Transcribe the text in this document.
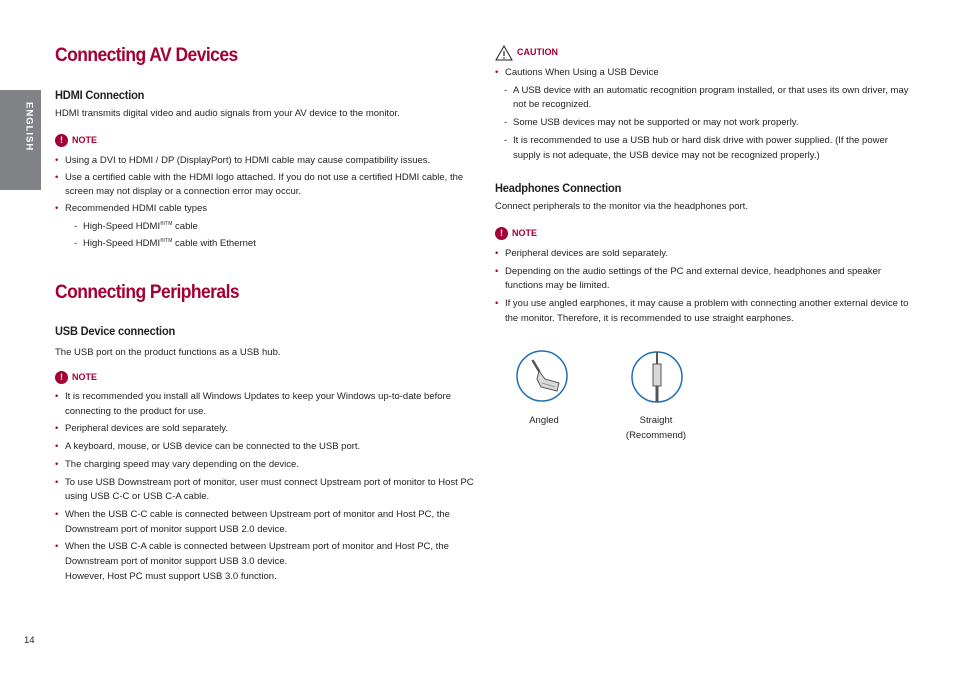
ENGLISH
Connecting AV Devices
HDMI Connection

HDMI transmits digital video and audio signals from your AV device to the monitor.

!	NOTE
• Using a DVI to HDMI / DP (DisplayPort) to HDMI cable may cause compatibility issues.
• Use a certified cable with the HDMI logo attached. If you do not use a certified HDMI cable, the screen may not display or a connection error may occur.
• Recommended HDMI cable types
- High-Speed $HDMI^{®/TM}$ cable
- High-Speed $HDMI^{®/TM}$ cable with Ethernet
Connecting Peripherals
USB Device connection

The USB port on the product functions as a USB hub.

!	NOTE
• It is recommended you install all Windows Updates to keep your Windows up-to-date before connecting to the product for use.
• Peripheral devices are sold separately.
• A keyboard, mouse, or USB device can be connected to the USB port.
• The charging speed may vary depending on the device.
• To use USB Downstream port of monitor, user must connect Upstream port of monitor to Host PC using USB C-C or USB C-A cable.
• When the USB C-C cable is connected between Upstream port of monitor and Host PC, the Downstream port of monitor support USB 2.0 device.
• When the USB C-A cable is connected between Upstream port of monitor and Host PC, the Downstream port of monitor support USB 3.0 device.
However, Host PC must support USB 3.0 function.
CAUTION
• Cautions When Using a USB Device
- A USB device with an automatic recognition program installed, or that uses its own driver, may not be recognized.
- Some USB devices may not be supported or may not work properly.
- It is recommended to use a USB hub or hard disk drive with power supplied. (If the power supply is not adequate, the USB device may not be recognized properly.)
Headphones Connection

Connect peripherals to the monitor via the headphones port.

!	NOTE
• Peripheral devices are sold separately.
• Depending on the audio settings of the PC and external device, headphones and speaker functions may be limited.
• If you use angled earphones, it may cause a problem with connecting another external device to the monitor. Therefore, it is recommended to use straight earphones.
Angled	Straight
(Recommend)
14
